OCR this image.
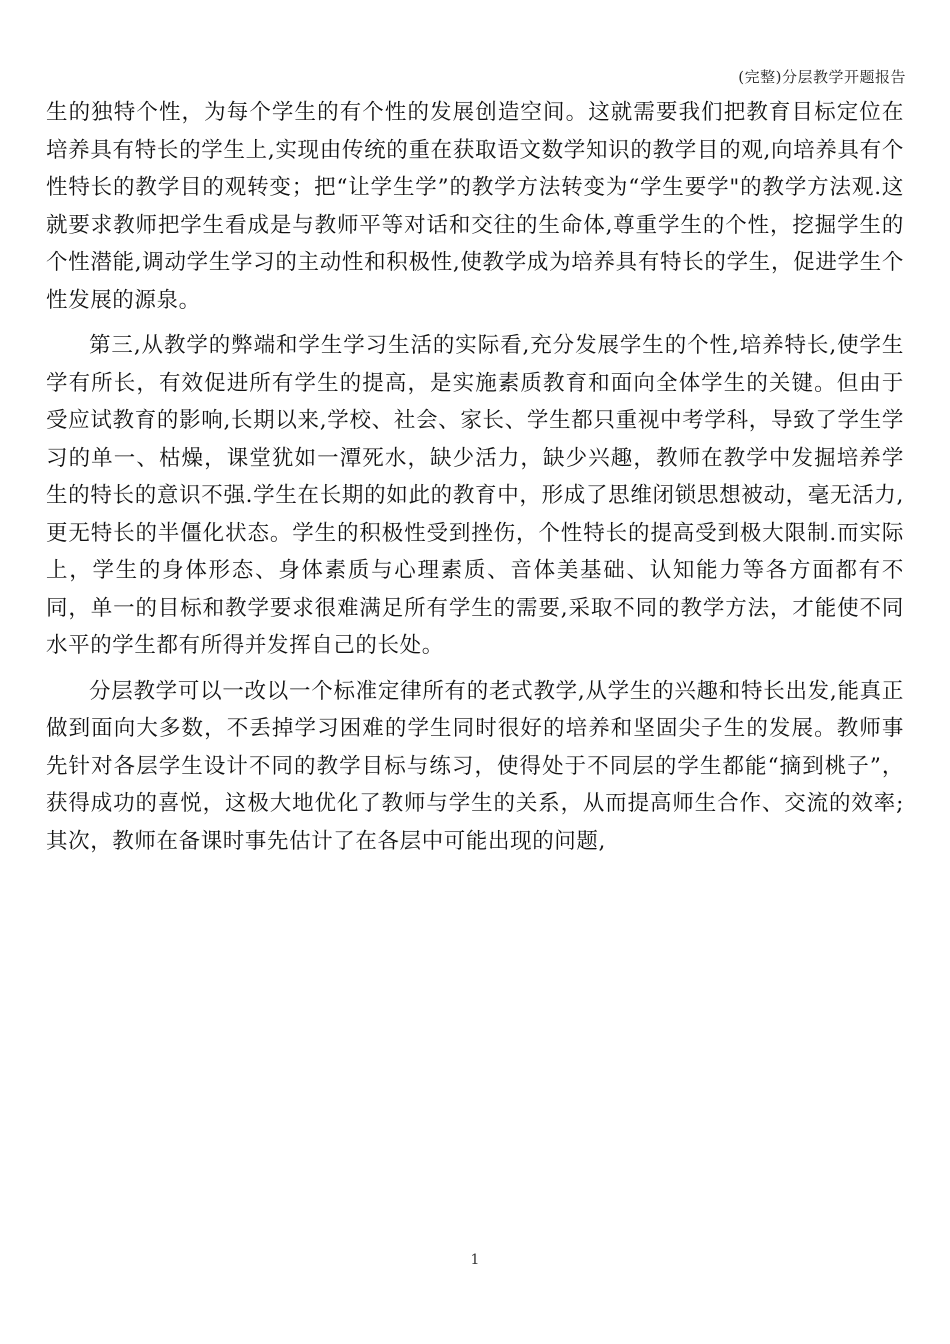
(完整)分层教学开题报告

生的独特个性，为每个学生的有个性的发展创造空间。这就需要我们把教育目标定位在培养具有特长的学生上,实现由传统的重在获取语文数学知识的教学目的观,向培养具有个性特长的教学目的观转变；把“让学生学”的教学方法转变为“学生要学"的教学方法观.这就要求教师把学生看成是与教师平等对话和交往的生命体,尊重学生的个性，挖掘学生的个性潜能,调动学生学习的主动性和积极性,使教学成为培养具有特长的学生，促进学生个性发展的源泉。

第三,从教学的弊端和学生学习生活的实际看,充分发展学生的个性,培养特长,使学生学有所长，有效促进所有学生的提高，是实施素质教育和面向全体学生的关键。但由于受应试教育的影响,长期以来,学校、社会、家长、学生都只重视中考学科，导致了学生学习的单一、枯燥，课堂犹如一潭死水，缺少活力，缺少兴趣，教师在教学中发掘培养学生的特长的意识不强.学生在长期的如此的教育中，形成了思维闭锁思想被动，毫无活力,更无特长的半僵化状态。学生的积极性受到挫伤，个性特长的提高受到极大限制.而实际上，学生的身体形态、身体素质与心理素质、音体美基础、认知能力等各方面都有不同，单一的目标和教学要求很难满足所有学生的需要,采取不同的教学方法，才能使不同水平的学生都有所得并发挥自己的长处。

分层教学可以一改以一个标准定律所有的老式教学,从学生的兴趣和特长出发,能真正做到面向大多数，不丢掉学习困难的学生同时很好的培养和坚固尖子生的发展。教师事先针对各层学生设计不同的教学目标与练习，使得处于不同层的学生都能“摘到桃子”，获得成功的喜悦，这极大地优化了教师与学生的关系，从而提高师生合作、交流的效率;其次，教师在备课时事先估计了在各层中可能出现的问题,

1
